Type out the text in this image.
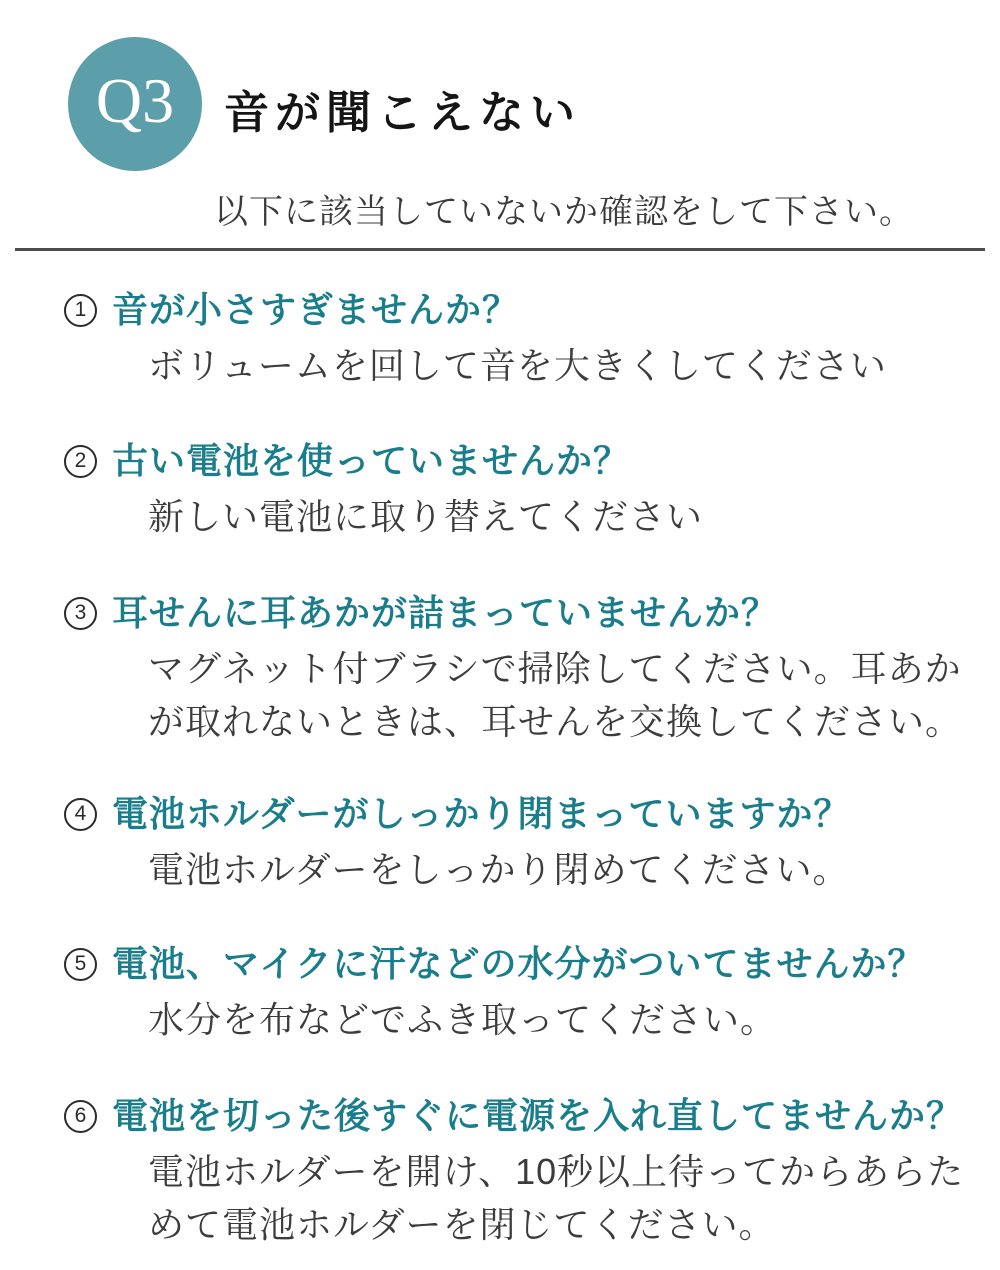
Q3 音が聞こえない
以下に該当していないか確認をして下さい。
1 音が小さすぎませんか？
ボリュームを回して音を大きくしてください
2 古い電池を使っていませんか？
新しい電池に取り替えてください
3 耳せんに耳あかが詰まっていませんか？
マグネット付ブラシで掃除してください。耳あか
が取れないときは、耳せんを交換してください。
4 電池ホルダーがしっかり閉まっていますか？
電池ホルダーをしっかり閉めてください。
5 電池、マイクに汗などの水分がついてませんか？
水分を布などでふき取ってください。
6 電池を切った後すぐに電源を入れ直してませんか？
電池ホルダーを開け、10秒以上待ってからあらた
めて電池ホルダーを閉じてください。
